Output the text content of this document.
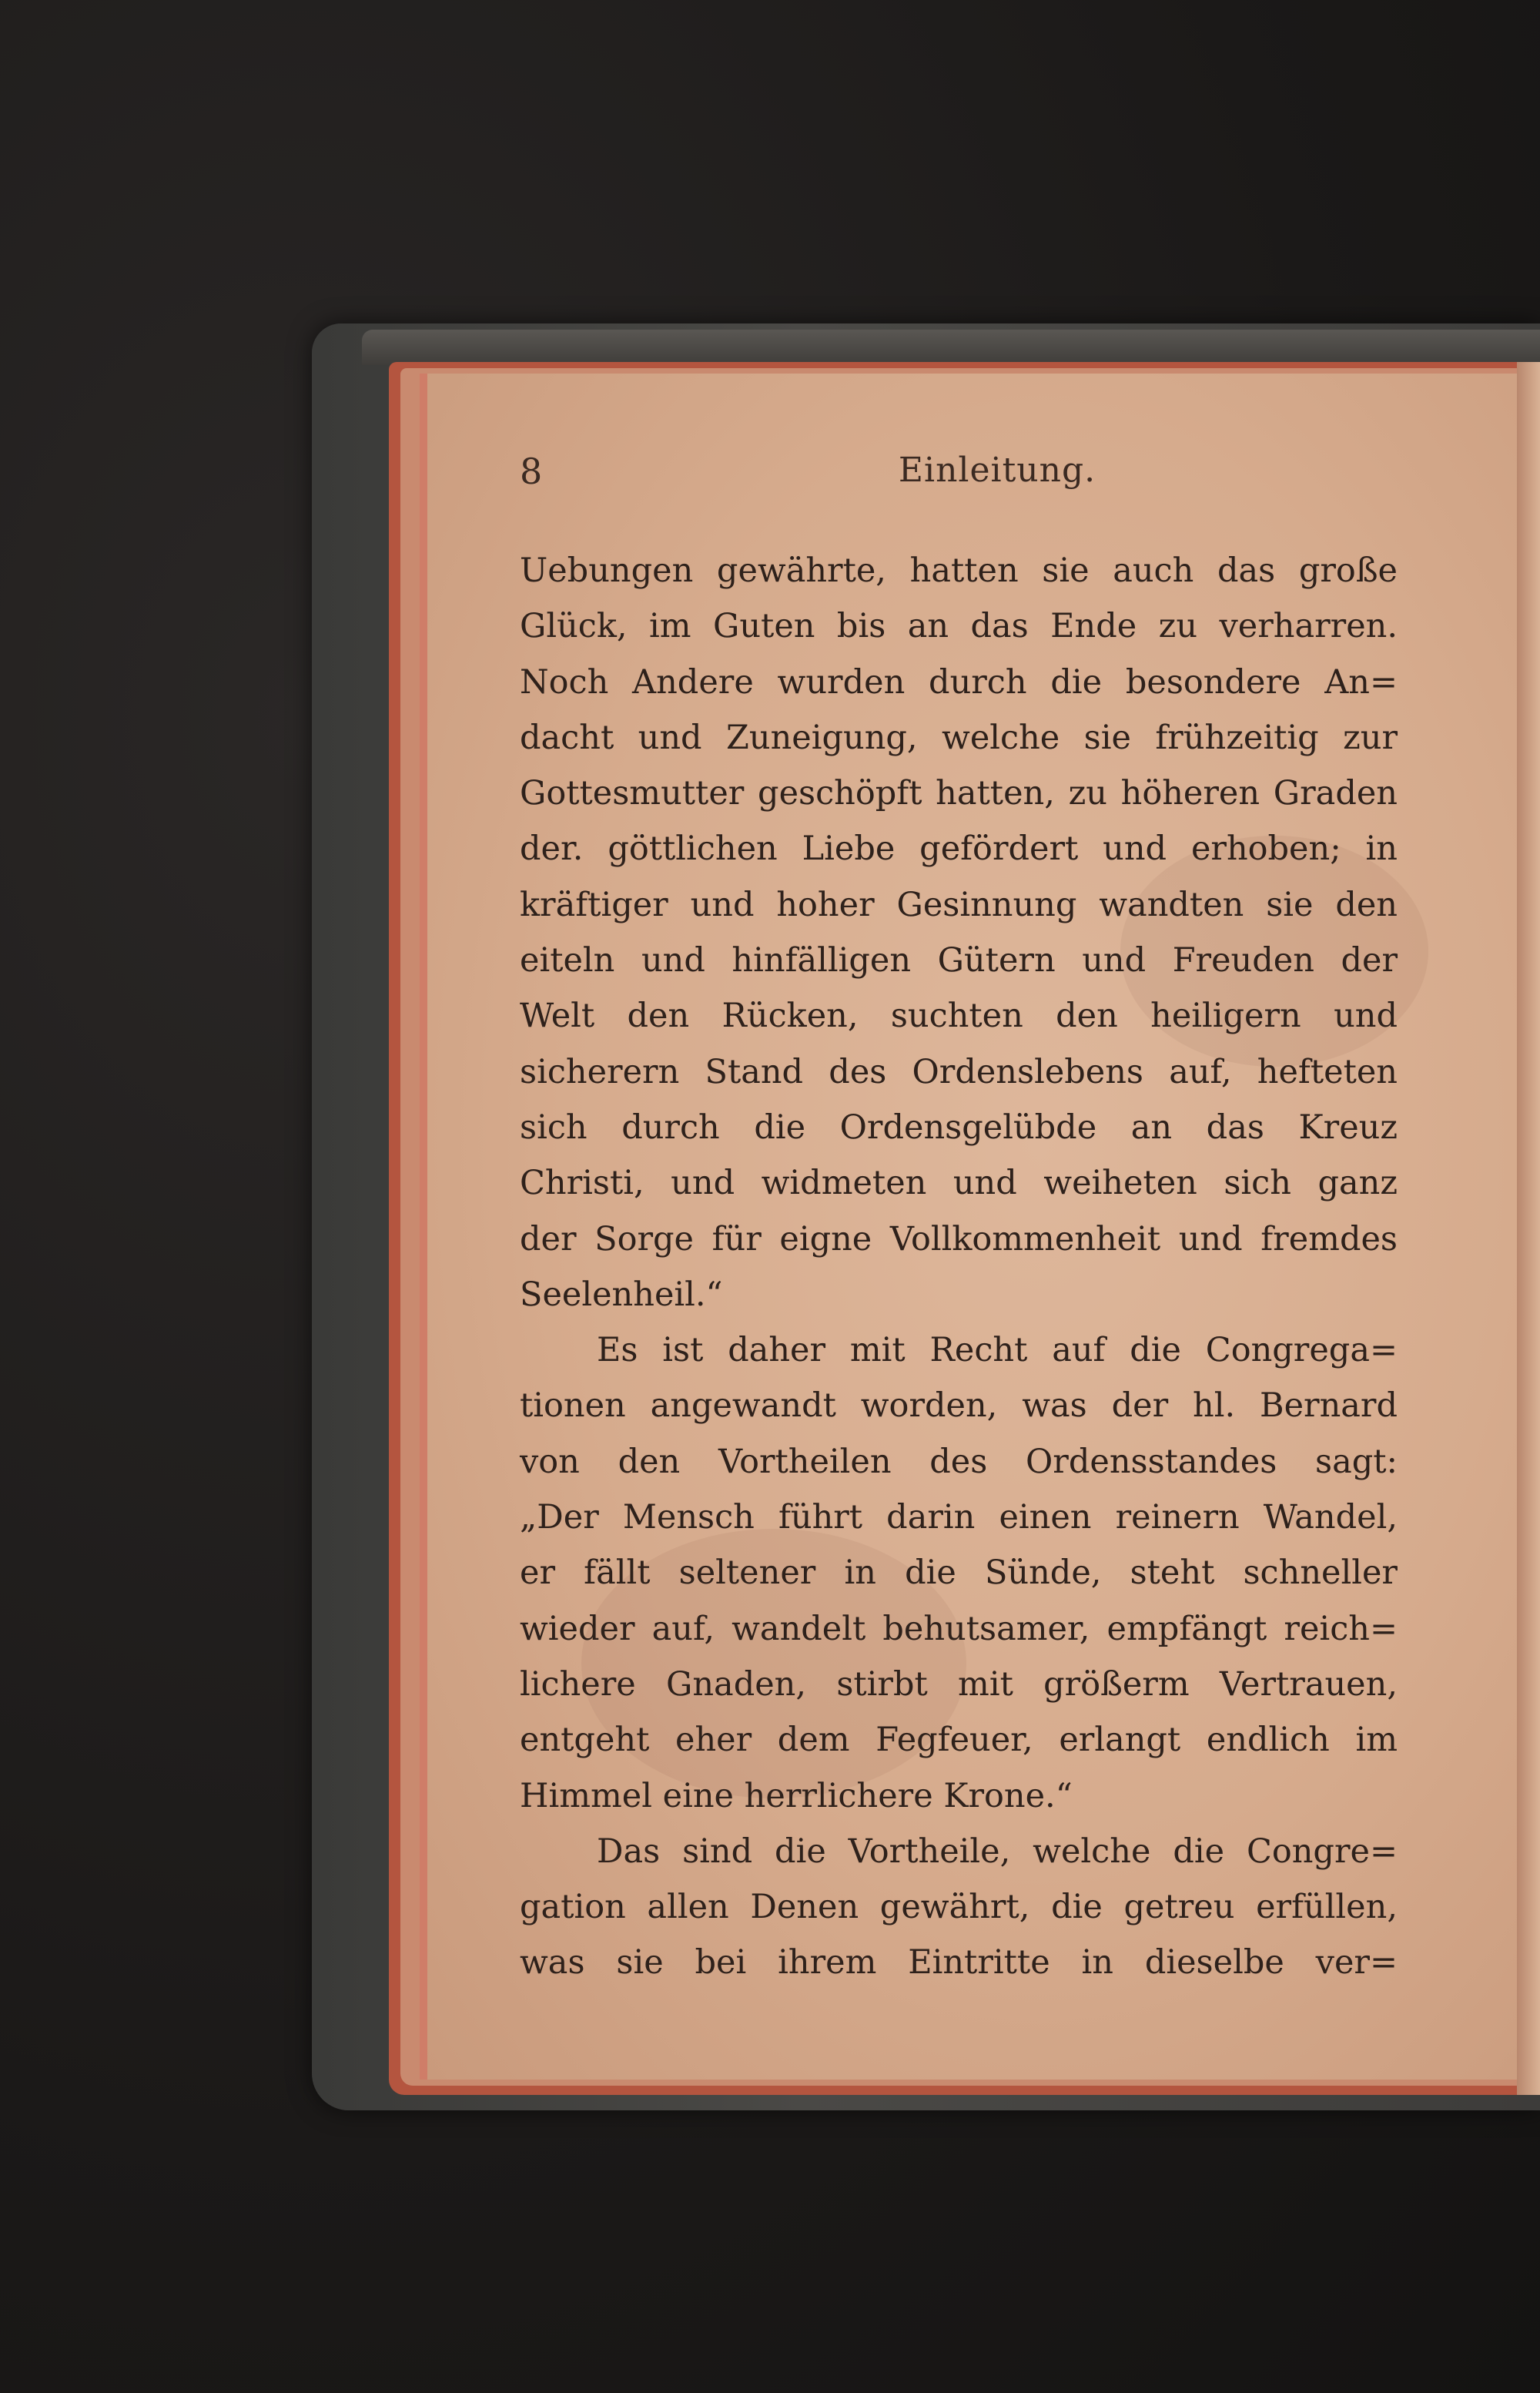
8	Einleitung.
Uebungen gewährte, hatten sie auch das große
Glück, im Guten bis an das Ende zu verharren.
Noch Andere wurden durch die besondere An=
dacht und Zuneigung, welche sie frühzeitig zur
Gottesmutter geschöpft hatten, zu höheren Graden
der. göttlichen Liebe gefördert und erhoben; in
kräftiger und hoher Gesinnung wandten sie den
eiteln und hinfälligen Gütern und Freuden der
Welt den Rücken, suchten den heiligern und
sicherern Stand des Ordenslebens auf, hefteten
sich durch die Ordensgelübde an das Kreuz
Christi, und widmeten und weiheten sich ganz
der Sorge für eigne Vollkommenheit und fremdes
Seelenheil.“
Es ist daher mit Recht auf die Congrega=
tionen angewandt worden, was der hl. Bernard
von den Vortheilen des Ordensstandes sagt:
„Der Mensch führt darin einen reinern Wandel,
er fällt seltener in die Sünde, steht schneller
wieder auf, wandelt behutsamer, empfängt reich=
lichere Gnaden, stirbt mit größerm Vertrauen,
entgeht eher dem Fegfeuer, erlangt endlich im
Himmel eine herrlichere Krone.“
Das sind die Vortheile, welche die Congre=
gation allen Denen gewährt, die getreu erfüllen,
was sie bei ihrem Eintritte in dieselbe ver=
